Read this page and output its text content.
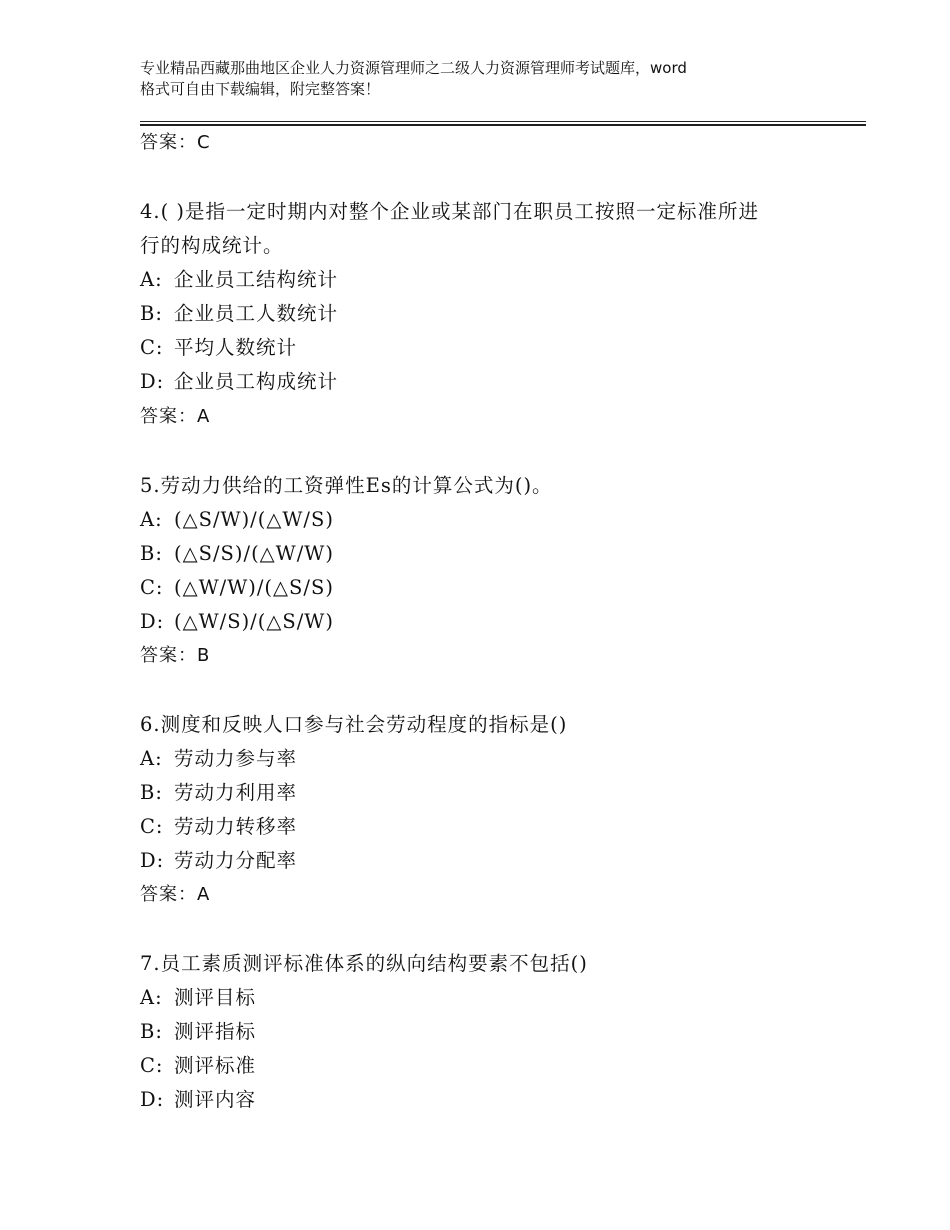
专业精品西藏那曲地区企业人力资源管理师之二级人力资源管理师考试题库，word
格式可自由下载编辑，附完整答案！
答案：C
4.( )是指一定时期内对整个企业或某部门在职员工按照一定标准所进
行的构成统计。
A: 企业员工结构统计
B: 企业员工人数统计
C: 平均人数统计
D: 企业员工构成统计
答案：A
5.劳动力供给的工资弹性Es的计算公式为()。
A: (△S/W)/(△W/S)
B: (△S/S)/(△W/W)
C: (△W/W)/(△S/S)
D: (△W/S)/(△S/W)
答案：B
6.测度和反映人口参与社会劳动程度的指标是()
A: 劳动力参与率
B: 劳动力利用率
C: 劳动力转移率
D: 劳动力分配率
答案：A
7.员工素质测评标准体系的纵向结构要素不包括()
A: 测评目标
B: 测评指标
C: 测评标准
D: 测评内容
